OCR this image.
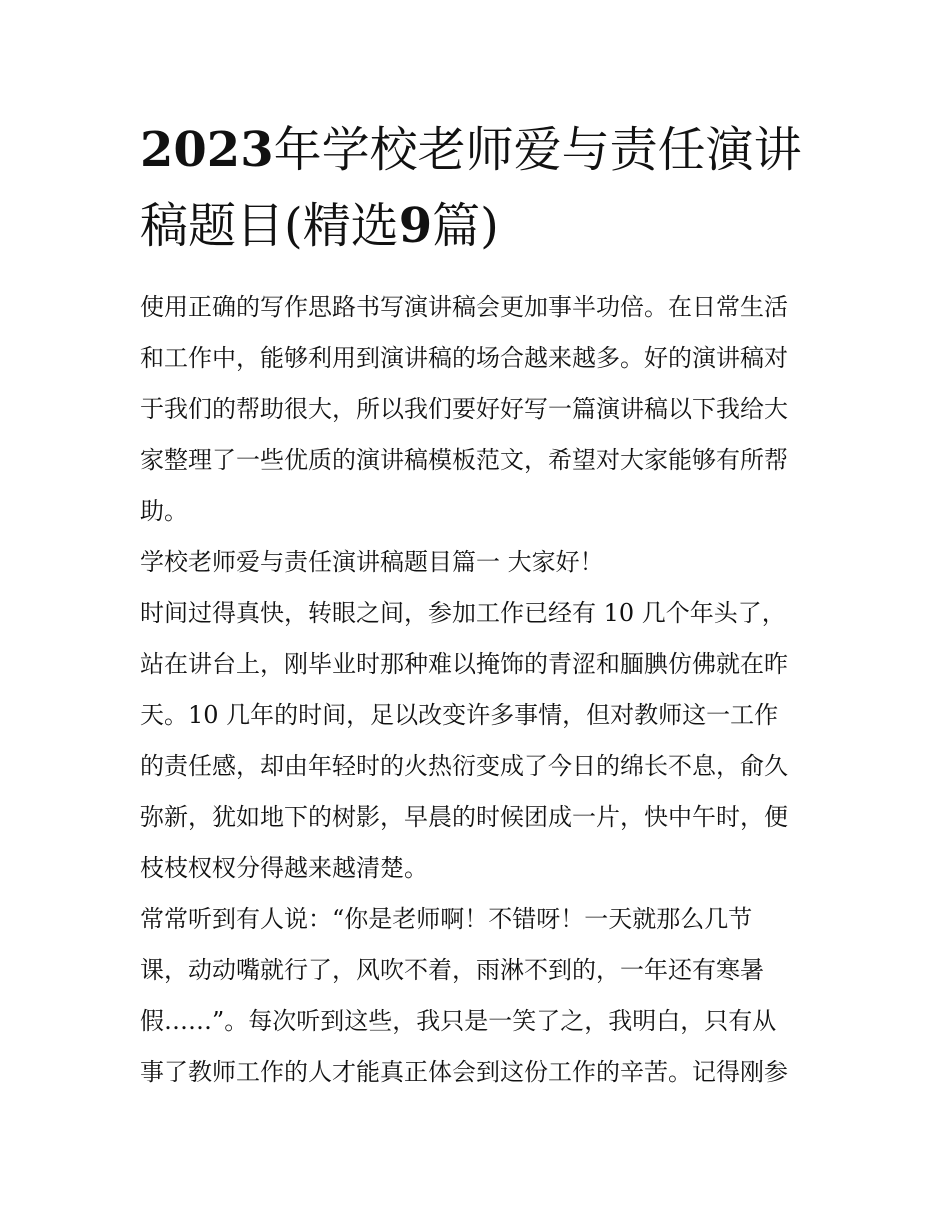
2023年学校老师爱与责任演讲
稿题目(精选9篇)
使用正确的写作思路书写演讲稿会更加事半功倍。在日常生活
和工作中，能够利用到演讲稿的场合越来越多。好的演讲稿对
于我们的帮助很大，所以我们要好好写一篇演讲稿以下我给大
家整理了一些优质的演讲稿模板范文，希望对大家能够有所帮
助。
学校老师爱与责任演讲稿题目篇一 大家好！
时间过得真快，转眼之间，参加工作已经有 10 几个年头了，
站在讲台上，刚毕业时那种难以掩饰的青涩和腼腆仿佛就在昨
天。10 几年的时间，足以改变许多事情，但对教师这一工作
的责任感，却由年轻时的火热衍变成了今日的绵长不息，俞久
弥新，犹如地下的树影，早晨的时候团成一片，快中午时，便
枝枝杈杈分得越来越清楚。
常常听到有人说：“你是老师啊！不错呀！一天就那么几节
课，动动嘴就行了，风吹不着，雨淋不到的，一年还有寒暑
假……”。每次听到这些，我只是一笑了之，我明白，只有从
事了教师工作的人才能真正体会到这份工作的辛苦。记得刚参
